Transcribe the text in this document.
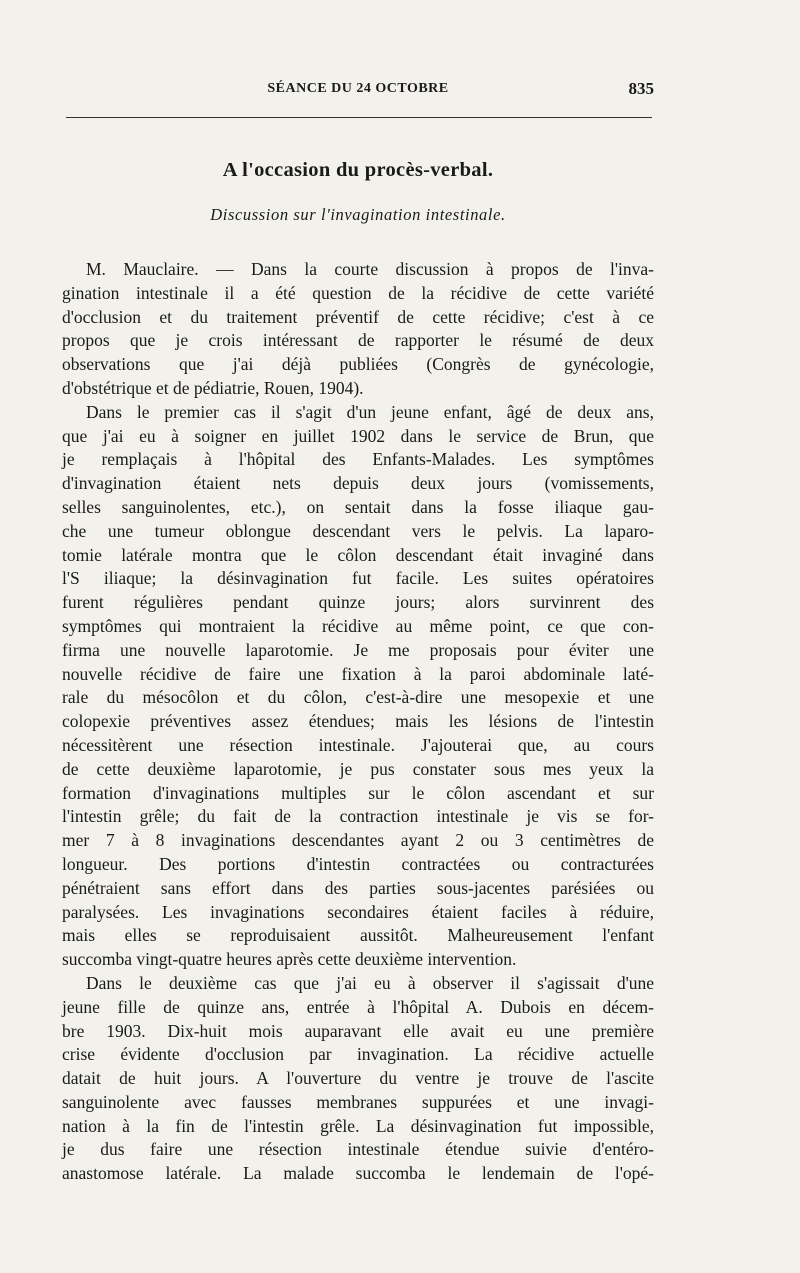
SÉANCE DU 24 OCTOBRE	835
A l'occasion du procès-verbal.
Discussion sur l'invagination intestinale.
M. Mauclaire. — Dans la courte discussion à propos de l'inva-
gination intestinale il a été question de la récidive de cette variété
d'occlusion et du traitement préventif de cette récidive; c'est à ce
propos que je crois intéressant de rapporter le résumé de deux
observations que j'ai déjà publiées (Congrès de gynécologie,
d'obstétrique et de pédiatrie, Rouen, 1904).
Dans le premier cas il s'agit d'un jeune enfant, âgé de deux ans,
que j'ai eu à soigner en juillet 1902 dans le service de Brun, que
je remplaçais à l'hôpital des Enfants-Malades. Les symptômes
d'invagination étaient nets depuis deux jours (vomissements,
selles sanguinolentes, etc.), on sentait dans la fosse iliaque gau-
che une tumeur oblongue descendant vers le pelvis. La laparo-
tomie latérale montra que le côlon descendant était invaginé dans
l'S iliaque; la désinvagination fut facile. Les suites opératoires
furent régulières pendant quinze jours; alors survinrent des
symptômes qui montraient la récidive au même point, ce que con-
firma une nouvelle laparotomie. Je me proposais pour éviter une
nouvelle récidive de faire une fixation à la paroi abdominale laté-
rale du mésocôlon et du côlon, c'est-à-dire une mesopexie et une
colopexie préventives assez étendues; mais les lésions de l'intestin
nécessitèrent une résection intestinale. J'ajouterai que, au cours
de cette deuxième laparotomie, je pus constater sous mes yeux la
formation d'invaginations multiples sur le côlon ascendant et sur
l'intestin grêle; du fait de la contraction intestinale je vis se for-
mer 7 à 8 invaginations descendantes ayant 2 ou 3 centimètres de
longueur. Des portions d'intestin contractées ou contracturées
pénétraient sans effort dans des parties sous-jacentes parésiées ou
paralysées. Les invaginations secondaires étaient faciles à réduire,
mais elles se reproduisaient aussitôt. Malheureusement l'enfant
succomba vingt-quatre heures après cette deuxième intervention.
Dans le deuxième cas que j'ai eu à observer il s'agissait d'une
jeune fille de quinze ans, entrée à l'hôpital A. Dubois en décem-
bre 1903. Dix-huit mois auparavant elle avait eu une première
crise évidente d'occlusion par invagination. La récidive actuelle
datait de huit jours. A l'ouverture du ventre je trouve de l'ascite
sanguinolente avec fausses membranes suppurées et une invagi-
nation à la fin de l'intestin grêle. La désinvagination fut impossible,
je dus faire une résection intestinale étendue suivie d'entéro-
anastomose latérale. La malade succomba le lendemain de l'opé-
